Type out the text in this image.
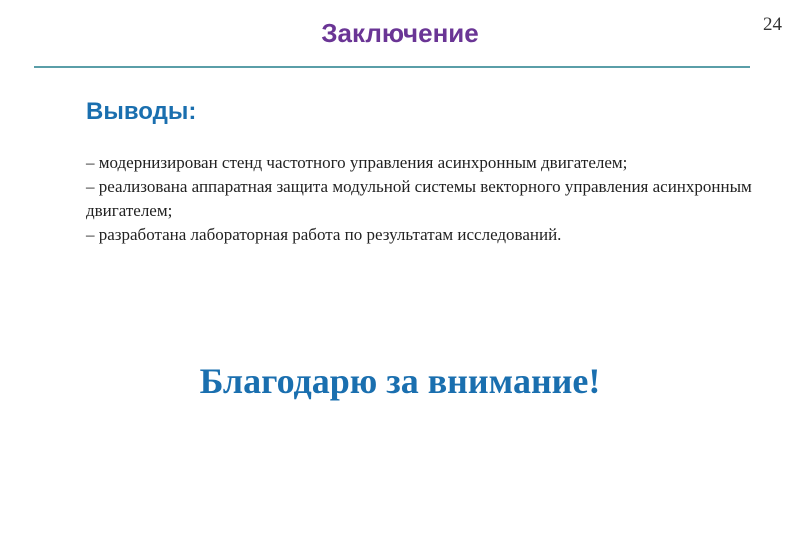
24
Заключение
Выводы:
– модернизирован стенд частотного управления асинхронным двигателем;
– реализована аппаратная защита модульной системы векторного управления асинхронным двигателем;
– разработана лабораторная работа по результатам исследований.
Благодарю за внимание!
